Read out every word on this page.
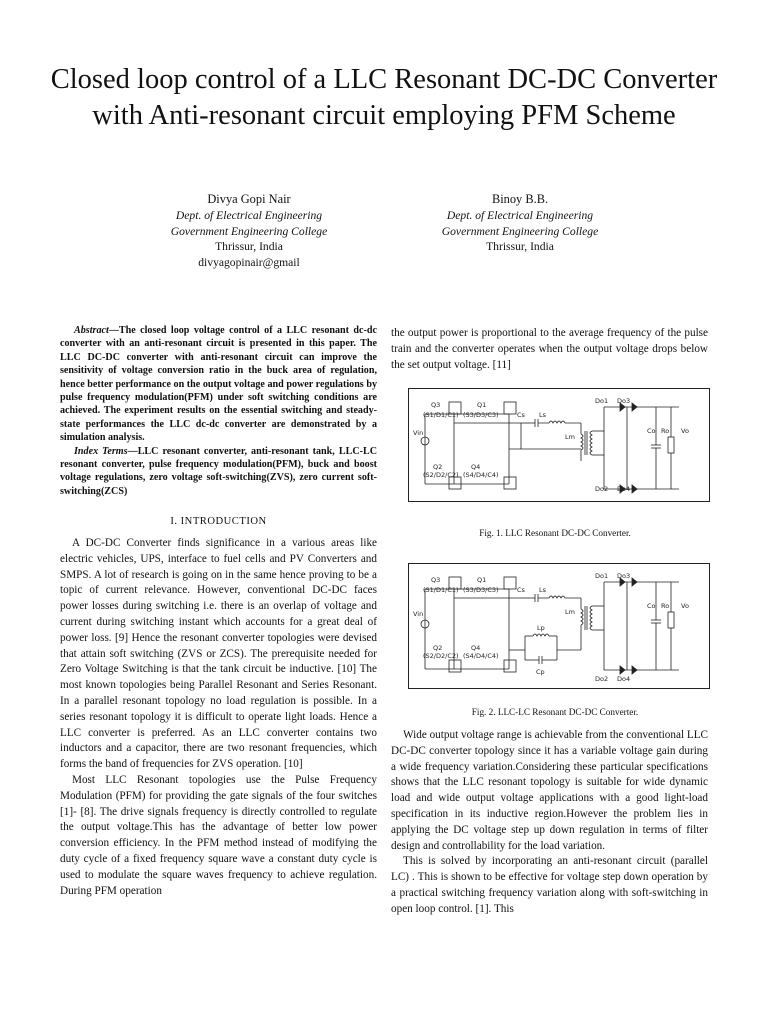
Closed loop control of a LLC Resonant DC-DC Converter with Anti-resonant circuit employing PFM Scheme
Divya Gopi Nair
Dept. of Electrical Engineering
Government Engineering College
Thrissur, India
divyagopinair@gmail
Binoy B.B.
Dept. of Electrical Engineering
Government Engineering College
Thrissur, India

Abstract—The closed loop voltage control of a LLC resonant dc-dc converter with an anti-resonant circuit is presented in this paper. The LLC DC-DC converter with anti-resonant circuit can improve the sensitivity of voltage conversion ratio in the buck area of regulation, hence better performance on the output voltage and power regulations by pulse frequency modulation(PFM) under soft switching conditions are achieved. The experiment results on the essential switching and steady-state performances the LLC dc-dc converter are demonstrated by a simulation analysis.

Index Terms—LLC resonant converter, anti-resonant tank, LLC-LC resonant converter, pulse frequency modulation(PFM), buck and boost voltage regulations, zero voltage soft-switching(ZVS), zero current soft-switching(ZCS)

I. INTRODUCTION

A DC-DC Converter finds significance in a various areas like electric vehicles, UPS, interface to fuel cells and PV Converters and SMPS. A lot of research is going on in the same hence proving to be a topic of current relevance. However, conventional DC-DC faces power losses during switching i.e. there is an overlap of voltage and current during switching instant which accounts for a great deal of power loss. [9] Hence the resonant converter topologies were devised that attain soft switching (ZVS or ZCS). The prerequisite needed for Zero Voltage Switching is that the tank circuit be inductive. [10] The most known topologies being Parallel Resonant and Series Resonant. In a parallel resonant topology no load regulation is possible. In a series resonant topology it is difficult to operate light loads. Hence a LLC converter is preferred. As an LLC converter contains two inductors and a capacitor, there are two resonant frequencies, which forms the band of frequencies for ZVS operation. [10]

Most LLC Resonant topologies use the Pulse Frequency Modulation (PFM) for providing the gate signals of the four switches [1]- [8]. The drive signals frequency is directly controlled to regulate the output voltage.This has the advantage of better low power conversion efficiency. In the PFM method instead of modifying the duty cycle of a fixed frequency square wave a constant duty cycle is used to modulate the square waves frequency to achieve regulation. During PFM operation

the output power is proportional to the average frequency of the pulse train and the converter operates when the output voltage drops below the set output voltage. [11]

Q3
(S1/D1/C1)
Q1
(S3/D3/C3)
Vin
Q2
(S2/D2/C2)
Q4
(S4/D4/C4)
Cs Ls
Lm
Do1 Do3
Do2 Do4
Co Ro Vo
Fig. 1. LLC Resonant DC-DC Converter.
Q3
(S1/D1/C1)
Q1
(S3/D3/C3)
Vin
Q2
(S2/D2/C2)
Q4
(S4/D4/C4)
Cs Ls
Lp
Cp
Lm
Do1 Do3
Do2 Do4
Co Ro Vo
Fig. 2. LLC-LC Resonant DC-DC Converter.

Wide output voltage range is achievable from the conventional LLC DC-DC converter topology since it has a variable voltage gain during a wide frequency variation.Considering these particular specifications shows that the LLC resonant topology is suitable for wide dynamic load and wide output voltage applications with a good light-load specification in its inductive region.However the problem lies in applying the DC voltage step up down regulation in terms of filter design and controllability for the load variation.

This is solved by incorporating an anti-resonant circuit (parallel LC) . This is shown to be effective for voltage step down operation by a practical switching frequency variation along with soft-switching in open loop control. [1]. This
